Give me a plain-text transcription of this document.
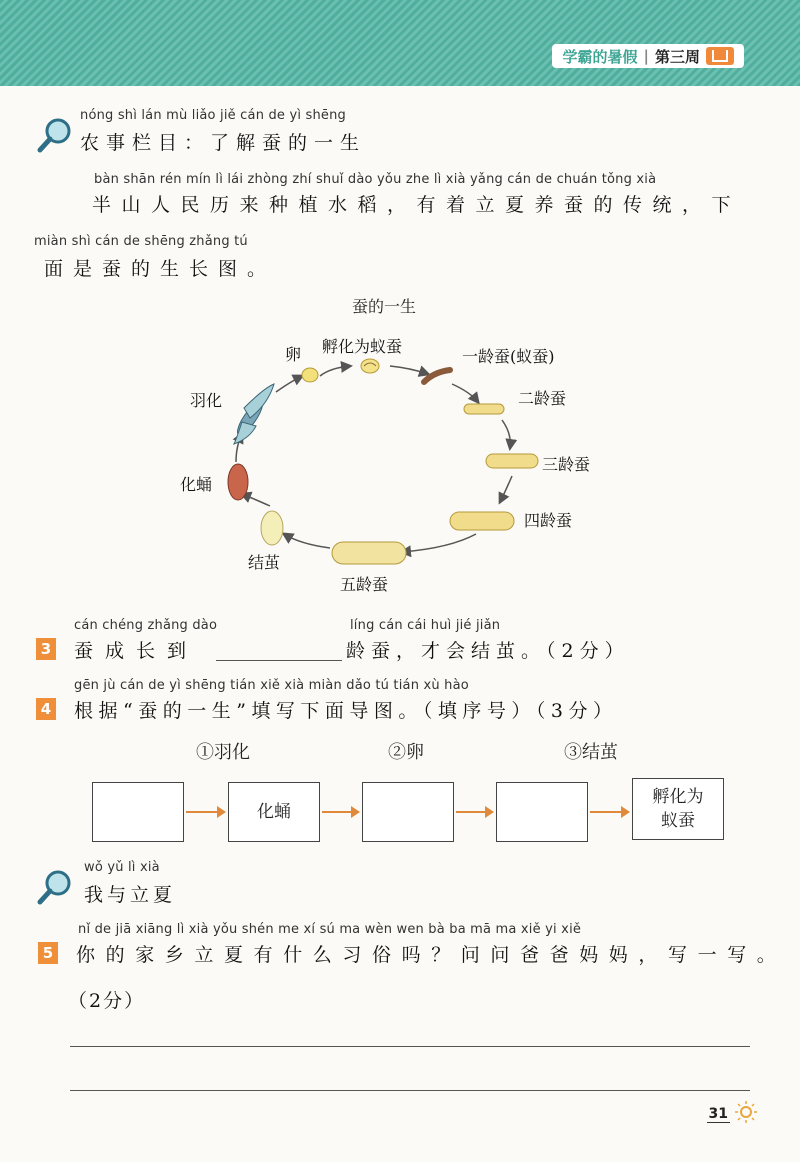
学霸的暑假 | 第三周
nóng shì lán mù liǎo jiě cán de yì shēng
农事栏目：了解蚕的一生
bàn shān rén mín lì lái zhòng zhí shuǐ dào yǒu zhe lì xià yǎng cán de chuán tǒng xià
半山人民历来种植水稻，有着立夏养蚕的传统，下
miàn shì cán de shēng zhǎng tú
面是蚕的生长图。
蚕的一生
卵 孵化为蚁蚕
一龄蚕(蚁蚕)
二龄蚕
三龄蚕
四龄蚕
五龄蚕
结茧
化蛹
羽化
cán chéng zhǎng dào	líng cán cái huì jié jiǎn
3 蚕成长到	龄蚕，才会结茧。（2分）
gēn jù cán de yì shēng tián xiě xià miàn dǎo tú tián xù hào
4 根据“蚕的一生”填写下面导图。（填序号）（3分）
①羽化	②卵	③结茧
化蛹
孵化为
蚁蚕
wǒ yǔ lì xià
我与立夏
nǐ de jiā xiāng lì xià yǒu shén me xí sú ma wèn wen bà ba mā ma xiě yi xiě
5 你的家乡立夏有什么习俗吗？问问爸爸妈妈，写一写。
（2分）
31
